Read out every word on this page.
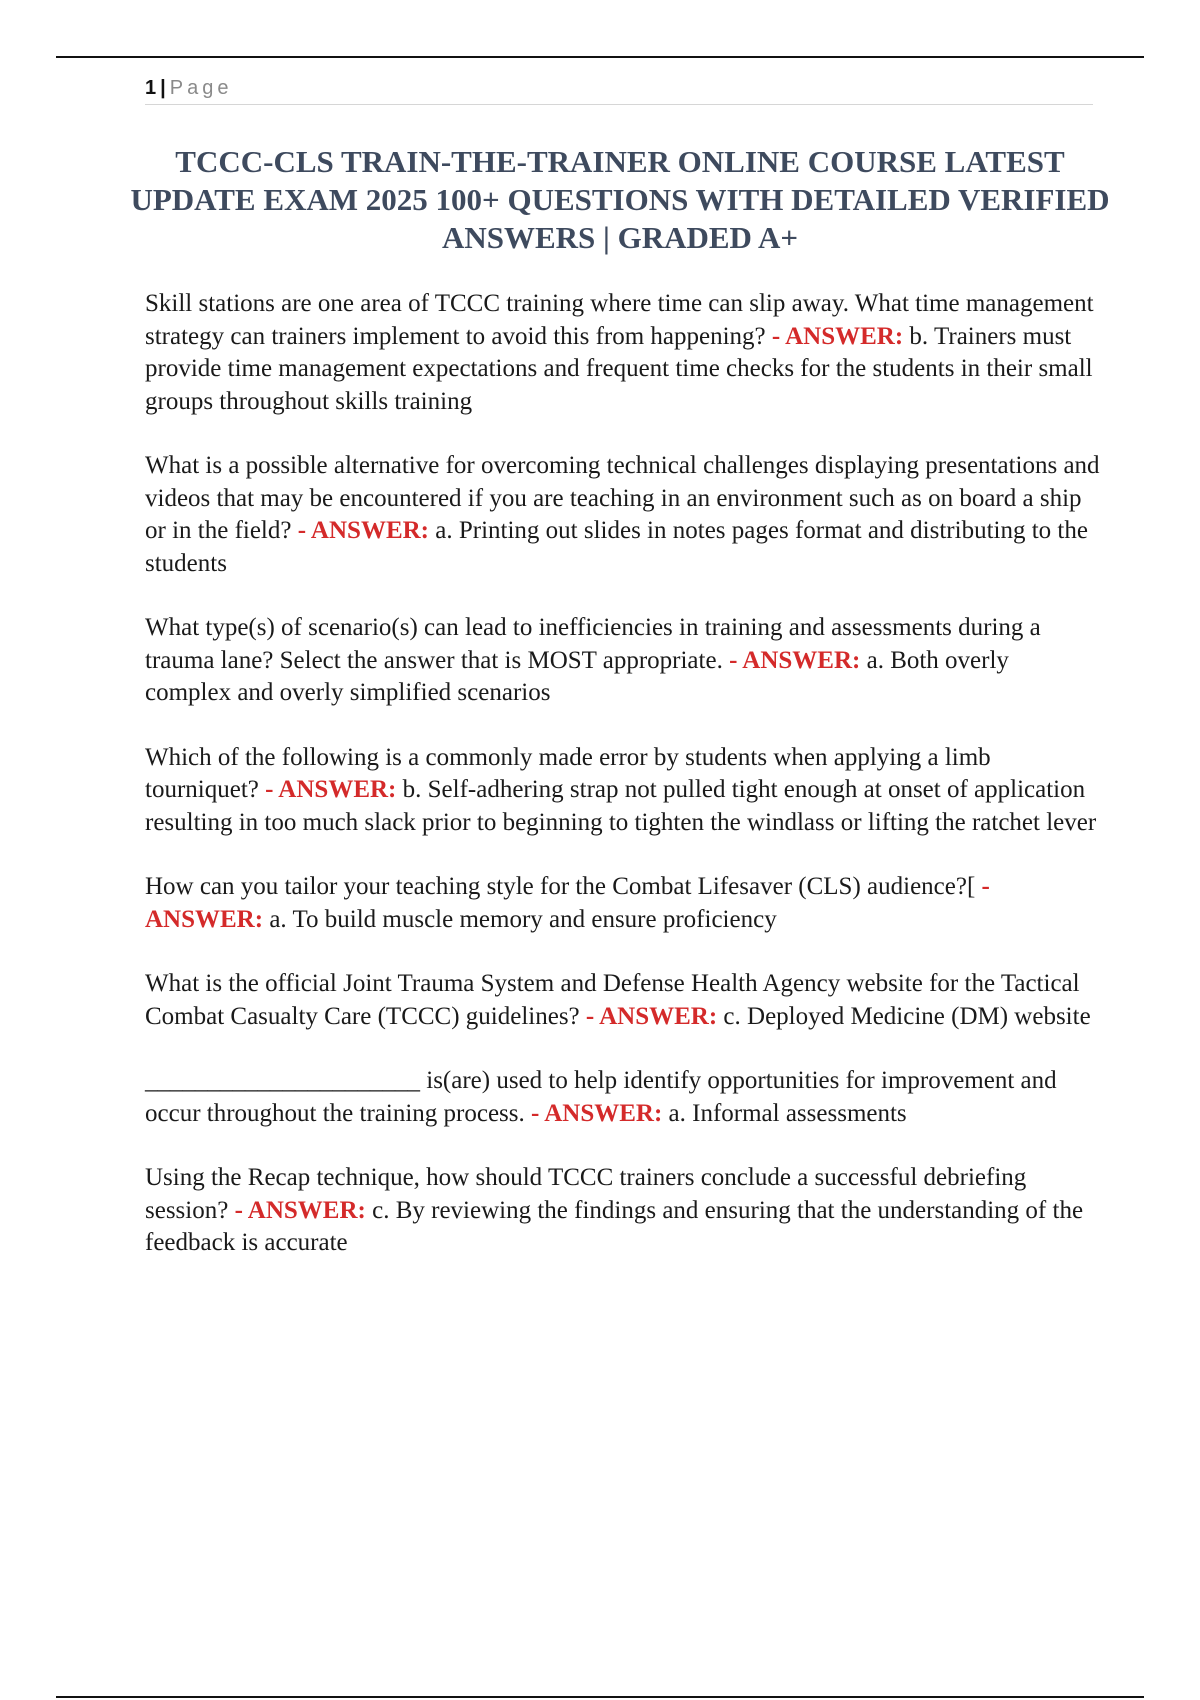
1 | Page
TCCC-CLS TRAIN-THE-TRAINER ONLINE COURSE LATEST UPDATE EXAM 2025 100+ QUESTIONS WITH DETAILED VERIFIED ANSWERS | GRADED A+

Skill stations are one area of TCCC training where time can slip away. What time management strategy can trainers implement to avoid this from happening? - ANSWER: b. Trainers must provide time management expectations and frequent time checks for the students in their small groups throughout skills training

What is a possible alternative for overcoming technical challenges displaying presentations and videos that may be encountered if you are teaching in an environment such as on board a ship or in the field? - ANSWER: a. Printing out slides in notes pages format and distributing to the students

What type(s) of scenario(s) can lead to inefficiencies in training and assessments during a trauma lane? Select the answer that is MOST appropriate. - ANSWER: a. Both overly complex and overly simplified scenarios

Which of the following is a commonly made error by students when applying a limb tourniquet? - ANSWER: b. Self-adhering strap not pulled tight enough at onset of application resulting in too much slack prior to beginning to tighten the windlass or lifting the ratchet lever

How can you tailor your teaching style for the Combat Lifesaver (CLS) audience?[ - ANSWER: a. To build muscle memory and ensure proficiency

What is the official Joint Trauma System and Defense Health Agency website for the Tactical Combat Casualty Care (TCCC) guidelines? - ANSWER: c. Deployed Medicine (DM) website

______________________ is(are) used to help identify opportunities for improvement and occur throughout the training process. - ANSWER: a. Informal assessments

Using the Recap technique, how should TCCC trainers conclude a successful debriefing session? - ANSWER: c. By reviewing the findings and ensuring that the understanding of the feedback is accurate
